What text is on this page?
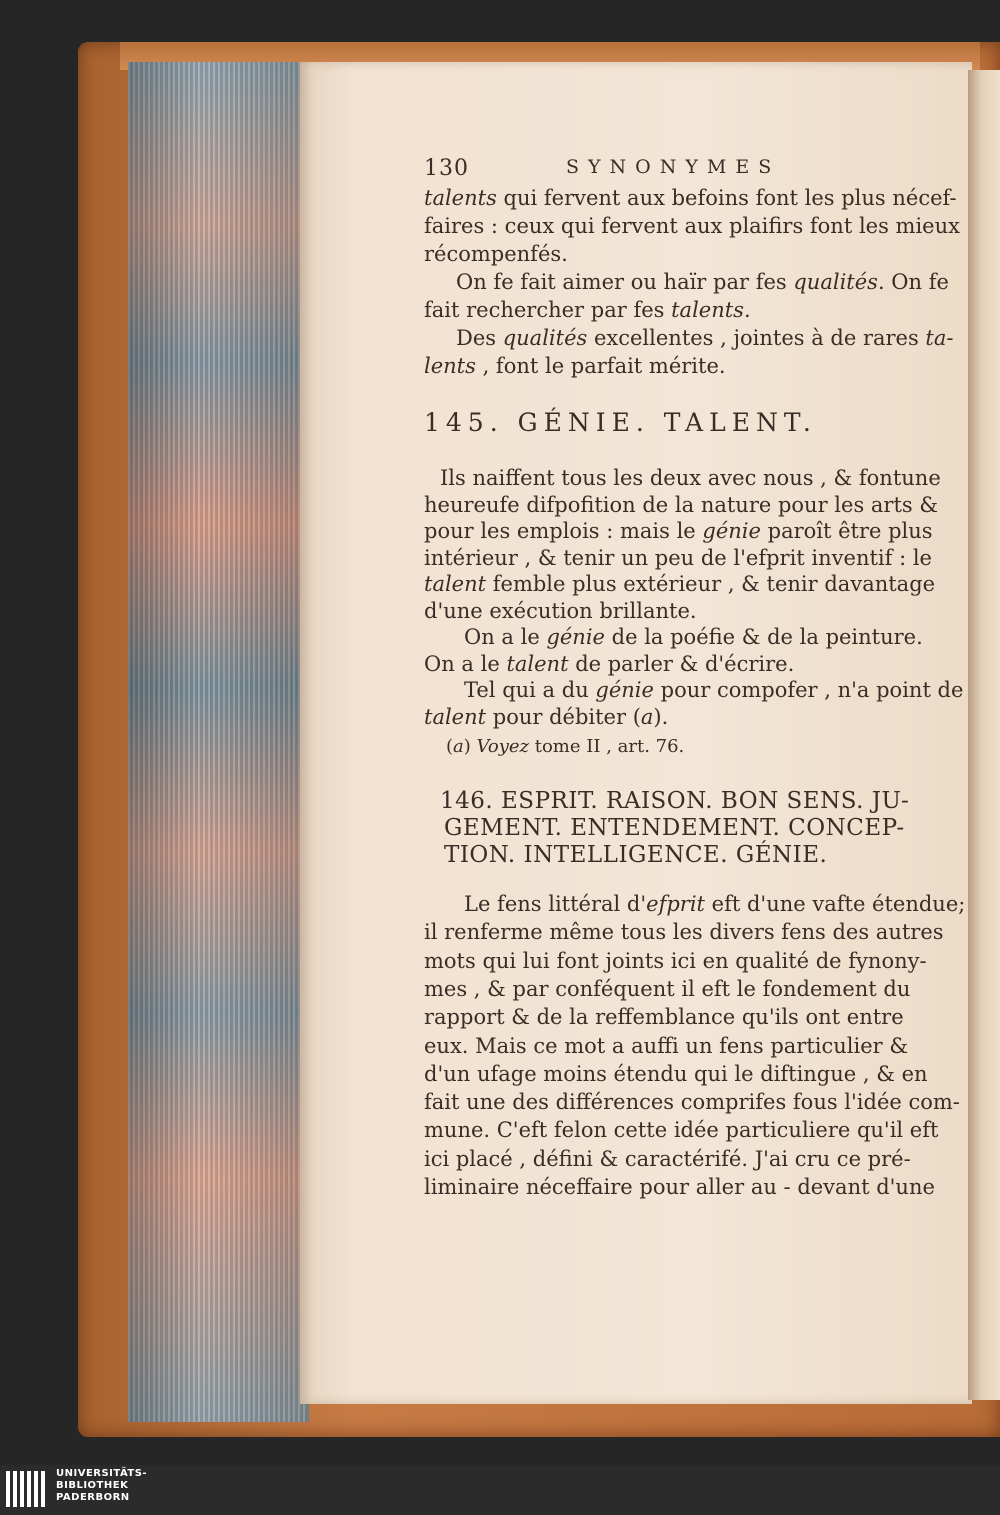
130	SYNONYMES
talents qui fervent aux befoins font les plus nécef-
faires : ceux qui fervent aux plaifirs font les mieux
récompenfés.
On fe fait aimer ou haïr par fes qualités. On fe
fait rechercher par fes talents.
Des qualités excellentes , jointes à de rares ta-
lents , font le parfait mérite.
145. GÉNIE. TALENT.
Ils naiffent tous les deux avec nous , & fontune
heureufe difpofition de la nature pour les arts &
pour les emplois : mais le génie paroît être plus
intérieur , & tenir un peu de l'efprit inventif : le
talent femble plus extérieur , & tenir davantage
d'une exécution brillante.
On a le génie de la poéfie & de la peinture.
On a le talent de parler & d'écrire.
Tel qui a du génie pour compofer , n'a point de
talent pour débiter (a).
(a) Voyez tome II , art. 76.
146. ESPRIT. RAISON. BON SENS. JU-
GEMENT. ENTENDEMENT. CONCEP-
TION. INTELLIGENCE. GÉNIE.
Le fens littéral d'efprit eft d'une vafte étendue;
il renferme même tous les divers fens des autres
mots qui lui font joints ici en qualité de fynony-
mes , & par conféquent il eft le fondement du
rapport & de la reffemblance qu'ils ont entre
eux. Mais ce mot a auffi un fens particulier &
d'un ufage moins étendu qui le diftingue , & en
fait une des différences comprifes fous l'idée com-
mune. C'eft felon cette idée particuliere qu'il eft
ici placé , défini & caractérifé. J'ai cru ce pré-
liminaire néceffaire pour aller au - devant d'une
UNIVERSITÄTS-
BIBLIOTHEK
PADERBORN
